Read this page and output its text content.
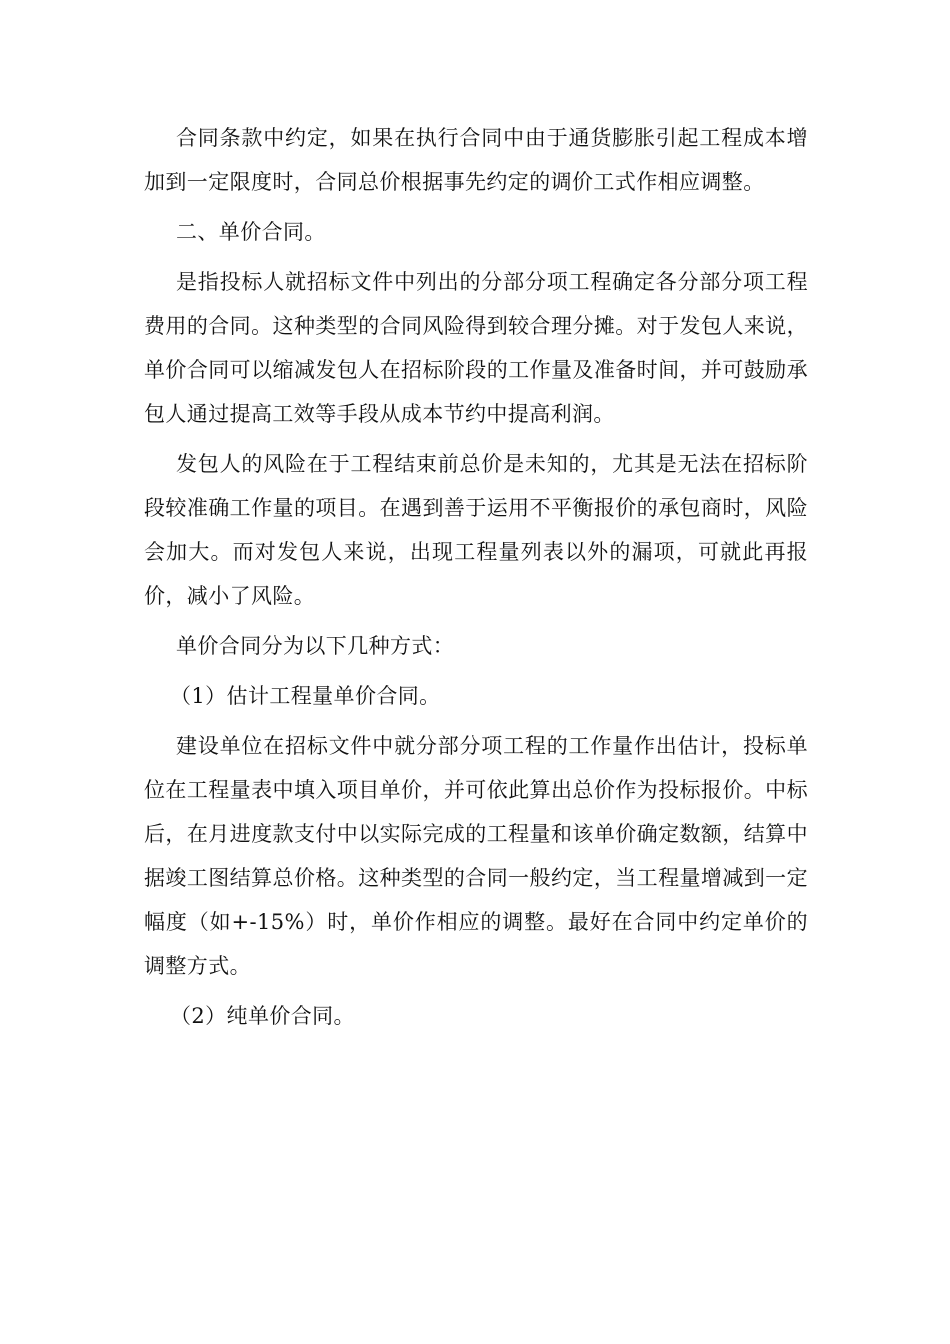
合同条款中约定，如果在执行合同中由于通货膨胀引起工程成本增加到一定限度时，合同总价根据事先约定的调价工式作相应调整。

二、单价合同。

是指投标人就招标文件中列出的分部分项工程确定各分部分项工程费用的合同。这种类型的合同风险得到较合理分摊。对于发包人来说，单价合同可以缩减发包人在招标阶段的工作量及准备时间，并可鼓励承包人通过提高工效等手段从成本节约中提高利润。

发包人的风险在于工程结束前总价是未知的，尤其是无法在招标阶段较准确工作量的项目。在遇到善于运用不平衡报价的承包商时，风险会加大。而对发包人来说，出现工程量列表以外的漏项，可就此再报价，减小了风险。

单价合同分为以下几种方式：

（1）估计工程量单价合同。

建设单位在招标文件中就分部分项工程的工作量作出估计，投标单位在工程量表中填入项目单价，并可依此算出总价作为投标报价。中标后，在月进度款支付中以实际完成的工程量和该单价确定数额，结算中据竣工图结算总价格。这种类型的合同一般约定，当工程量增减到一定幅度（如+-15%）时，单价作相应的调整。最好在合同中约定单价的调整方式。

（2）纯单价合同。
